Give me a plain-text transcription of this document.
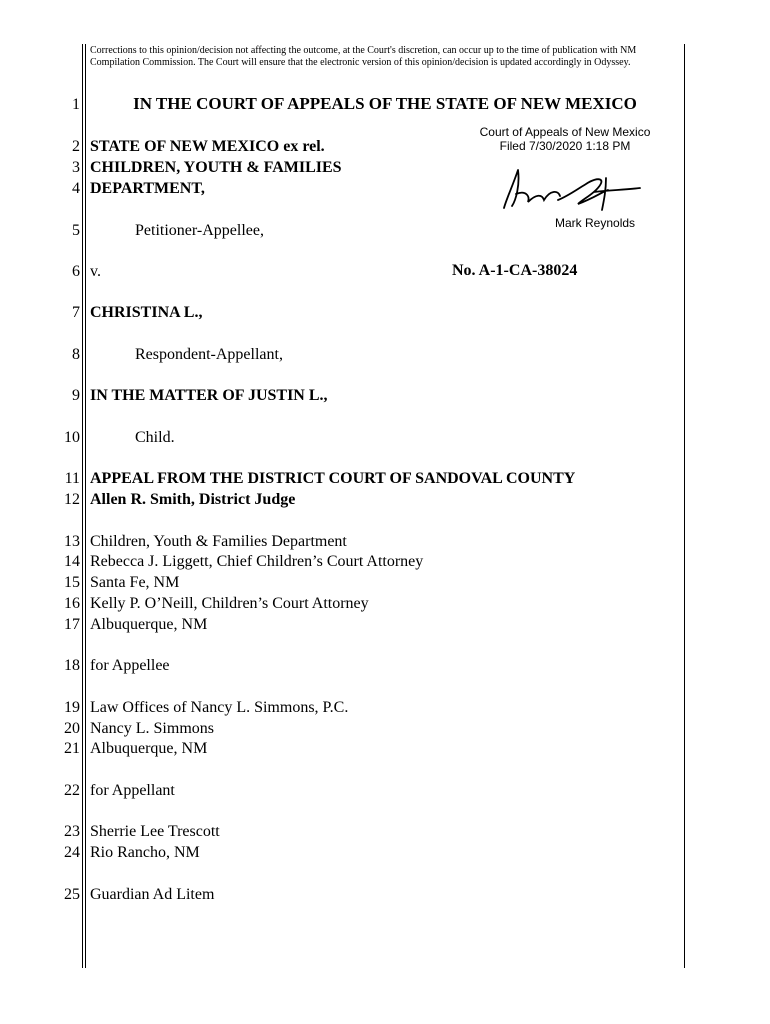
Corrections to this opinion/decision not affecting the outcome, at the Court's discretion, can occur up to the time of publication with NM Compilation Commission. The Court will ensure that the electronic version of this opinion/decision is updated accordingly in Odyssey.
IN THE COURT OF APPEALS OF THE STATE OF NEW MEXICO
Court of Appeals of New Mexico
Filed 7/30/2020 1:18 PM
Mark Reynolds
No. A-1-CA-38024
1
2
3
4
5
6
7
8
9
10
11
12
13
14
15
16
17
18
19
20
21
22
23
24
25
STATE OF NEW MEXICO ex rel.
CHILDREN, YOUTH & FAMILIES
DEPARTMENT,
Petitioner-Appellee,
v.
CHRISTINA L.,
Respondent-Appellant,
IN THE MATTER OF JUSTIN L.,
Child.
APPEAL FROM THE DISTRICT COURT OF SANDOVAL COUNTY
Allen R. Smith, District Judge
Children, Youth & Families Department
Rebecca J. Liggett, Chief Children’s Court Attorney
Santa Fe, NM
Kelly P. O’Neill, Children’s Court Attorney
Albuquerque, NM
for Appellee
Law Offices of Nancy L. Simmons, P.C.
Nancy L. Simmons
Albuquerque, NM
for Appellant
Sherrie Lee Trescott
Rio Rancho, NM
Guardian Ad Litem
